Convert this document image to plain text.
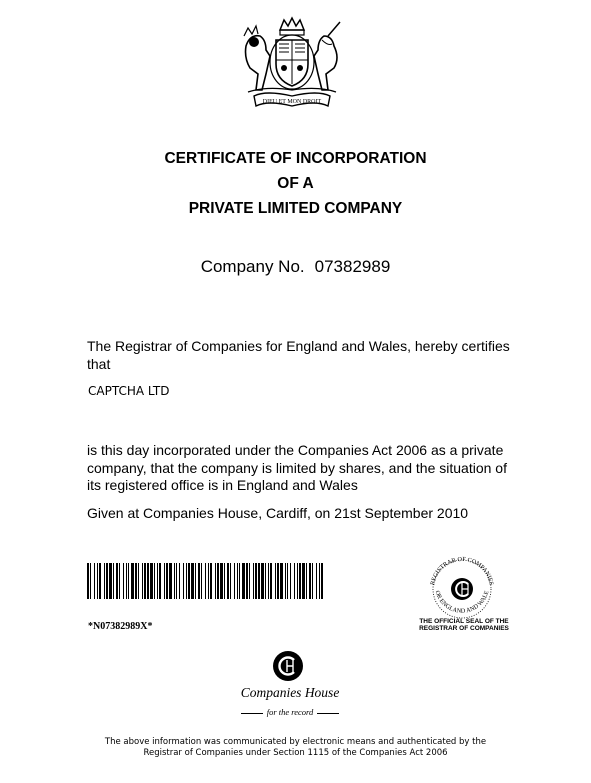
DIEU ET MON DROIT
CERTIFICATE OF INCORPORATION
OF A
PRIVATE LIMITED COMPANY
Company No. 07382989
The Registrar of Companies for England and Wales, hereby certifies
that
CAPTCHA LTD
is this day incorporated under the Companies Act 2006 as a private
company, that the company is limited by shares, and the situation of
its registered office is in England and Wales
Given at Companies House, Cardiff, on 21st September 2010
*N07382989X*
REGISTRAR OF COMPANIES
OR ENGLAND AND WALE
THE OFFICIAL SEAL OF THE
REGISTRAR OF COMPANIES
Companies House
for the record
The above information was communicated by electronic means and authenticated by the
Registrar of Companies under Section 1115 of the Companies Act 2006
